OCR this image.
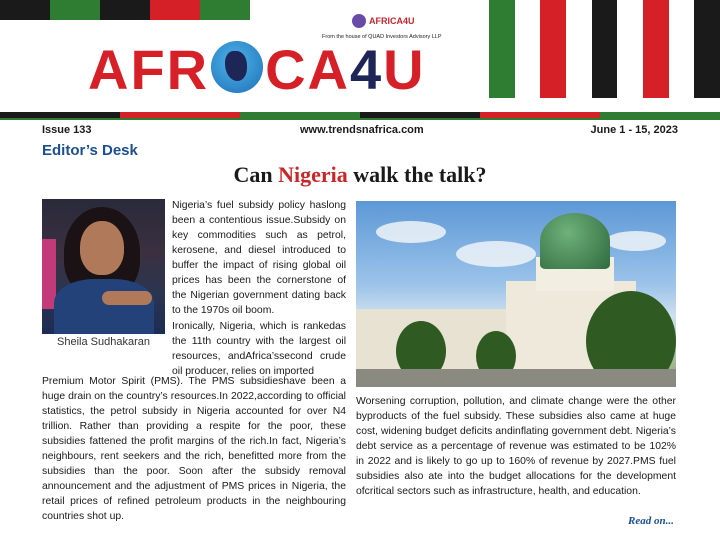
AFRICA4U
From the house of QUAD Investors Advisory LLP
AFR CA4U
Issue 133	www.trendsnafrica.com	June 1 - 15, 2023
Editor’s Desk
Can Nigeria walk the talk?
Sheila Sudhakaran

Nigeria’s fuel subsidy policy haslong been a contentious issue.Subsidy on key commodities such as petrol, kerosene, and diesel introduced to buffer the impact of rising global oil prices has been the cornerstone of the Nigerian government dating back to the 1970s oil boom.

Ironically, Nigeria, which is rankedas the 11th country with the largest oil resources, andAfrica’ssecond crude oil producer, relies on imported

Premium Motor Spirit (PMS). The PMS subsidieshave been a huge drain on the country’s resources.In 2022,according to official statistics, the petrol subsidy in Nigeria accounted for over N4 trillion. Rather than providing a respite for the poor, these subsidies fattened the profit margins of the rich.In fact, Nigeria’s neighbours, rent seekers and the rich, benefitted more from the subsidies than the poor. Soon after the subsidy removal announcement and the adjustment of PMS prices in Nigeria, the retail prices of refined petroleum products in the neighbouring countries shot up.

Worsening corruption, pollution, and climate change were the other byproducts of the fuel subsidy. These subsidies also came at huge cost, widening budget deficits andinflating government debt. Nigeria’s debt service as a percentage of revenue was estimated to be 102% in 2022 and is likely to go up to 160% of revenue by 2027.PMS fuel subsidies also ate into the budget allocations for the development ofcritical sectors such as infrastructure, health, and education.

Read on...
